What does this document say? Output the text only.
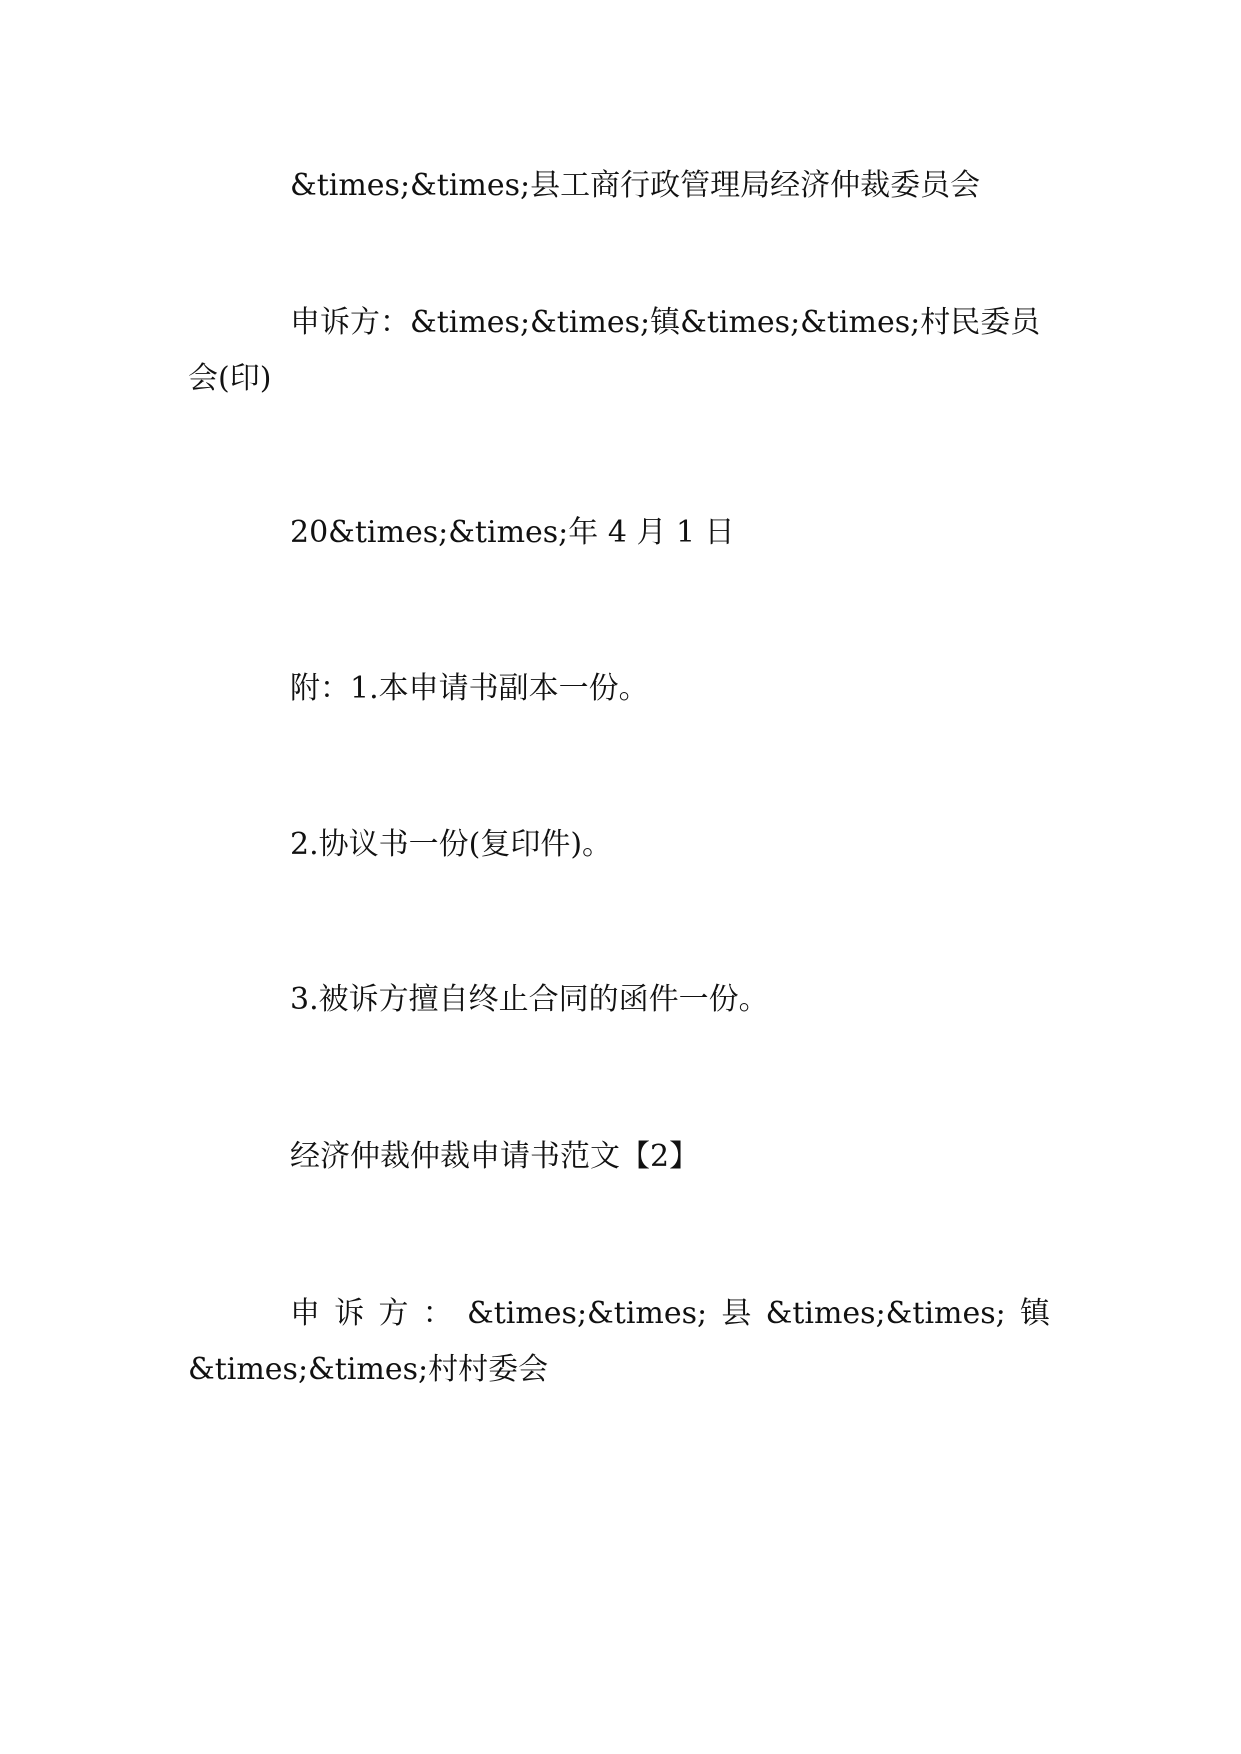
&times;&times;县工商行政管理局经济仲裁委员会
申诉方：&times;&times;镇&times;&times;村民委员
会(印)
20&times;&times;年 4 月 1 日
附：1.本申请书副本一份。
2.协议书一份(复印件)。
3.被诉方擅自终止合同的函件一份。
经济仲裁仲裁申请书范文【2】
申 诉 方 ： &times;&times; 县 &times;&times; 镇
&times;&times;村村委会
